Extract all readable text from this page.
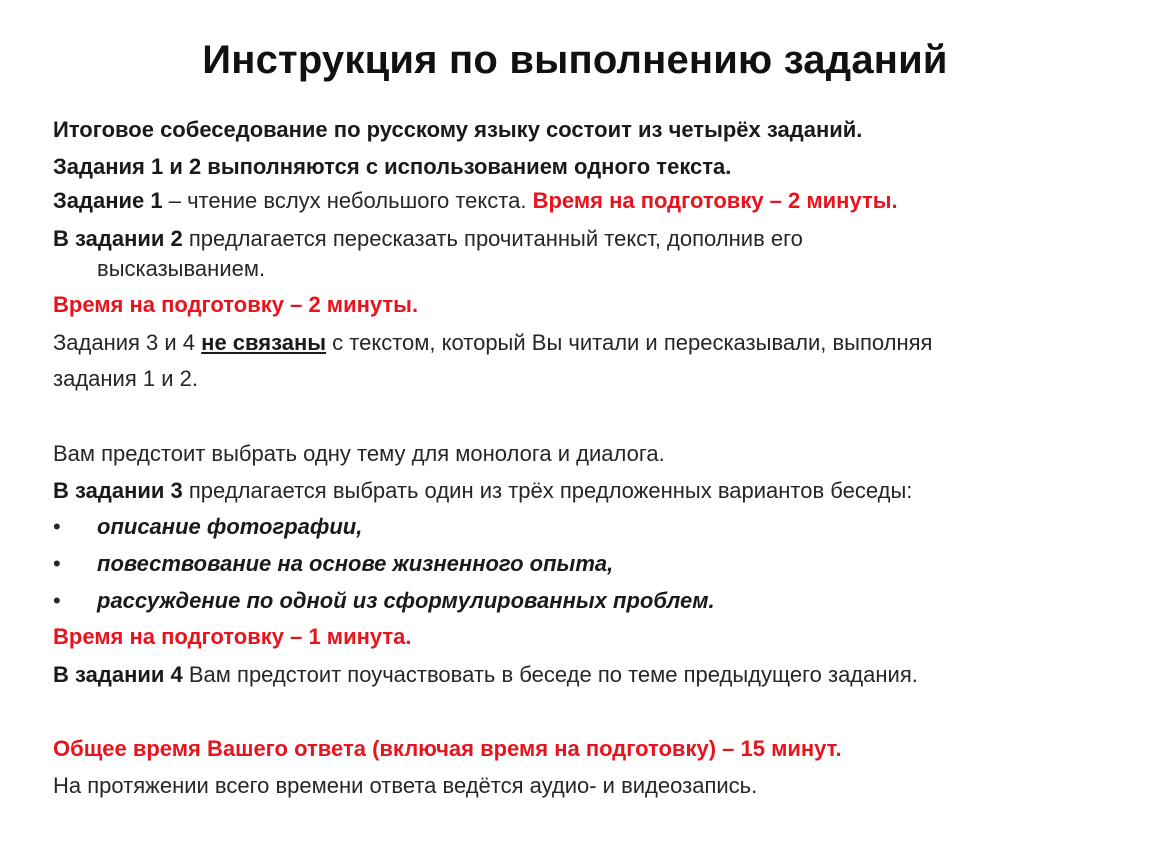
Инструкция по выполнению заданий
Итоговое собеседование по русскому языку состоит из четырёх заданий.
Задания 1 и 2 выполняются с использованием одного текста.
Задание 1 – чтение вслух небольшого текста. Время на подготовку – 2 минуты.
В задании 2 предлагается пересказать прочитанный текст, дополнив его
высказыванием.
Время на подготовку – 2 минуты.
Задания 3 и 4 не связаны с текстом, который Вы читали и пересказывали, выполняя
задания 1 и 2.
Вам предстоит выбрать одну тему для монолога и диалога.
В задании 3 предлагается выбрать один из трёх предложенных вариантов беседы:
• описание фотографии,
• повествование на основе жизненного опыта,
• рассуждение по одной из сформулированных проблем.
Время на подготовку – 1 минута.
В задании 4 Вам предстоит поучаствовать в беседе по теме предыдущего задания.
Общее время Вашего ответа (включая время на подготовку) – 15 минут.
На протяжении всего времени ответа ведётся аудио- и видеозапись.
